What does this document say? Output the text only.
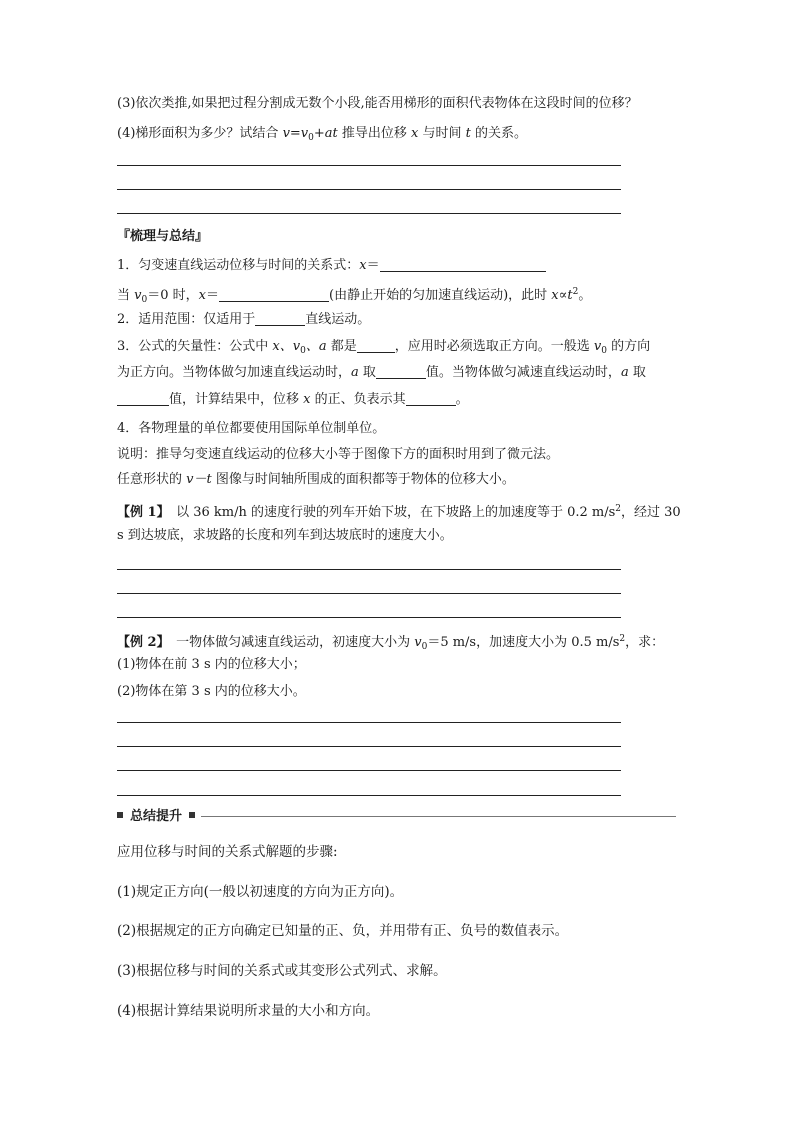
(3)依次类推,如果把过程分割成无数个小段,能否用梯形的面积代表物体在这段时间的位移？
(4)梯形面积为多少？试结合 $v=v_0+at$ 推导出位移 x 与时间 t 的关系。
『梳理与总结』
1．匀变速直线运动位移与时间的关系式：x＝
当 $v_0=0$ 时，x＝	(由静止开始的匀加速直线运动)，此时 $x\propto t^2$。
2．适用范围：仅适用于	直线运动。
3．公式的矢量性：公式中 x、$v_0$、a 都是	，应用时必须选取正方向。一般选 $v_0$ 的方向
为正方向。当物体做匀加速直线运动时，a 取	值。当物体做匀减速直线运动时，a 取
值，计算结果中，位移 x 的正、负表示其	。
4．各物理量的单位都要使用国际单位制单位。
说明：推导匀变速直线运动的位移大小等于图像下方的面积时用到了微元法。
任意形状的 v－t 图像与时间轴所围成的面积都等于物体的位移大小。
【例 1】　以 36 km/h 的速度行驶的列车开始下坡，在下坡路上的加速度等于 0.2 $m/s^2$，经过 30
s 到达坡底，求坡路的长度和列车到达坡底时的速度大小。
【例 2】　一物体做匀减速直线运动，初速度大小为 $v_0=5$ m/s，加速度大小为 0.5 $m/s^2$，求：
(1)物体在前 3 s 内的位移大小；
(2)物体在第 3 s 内的位移大小。
总结提升
应用位移与时间的关系式解题的步骤:
(1)规定正方向(一般以初速度的方向为正方向)。
(2)根据规定的正方向确定已知量的正、负，并用带有正、负号的数值表示。
(3)根据位移与时间的关系式或其变形公式列式、求解。
(4)根据计算结果说明所求量的大小和方向。
